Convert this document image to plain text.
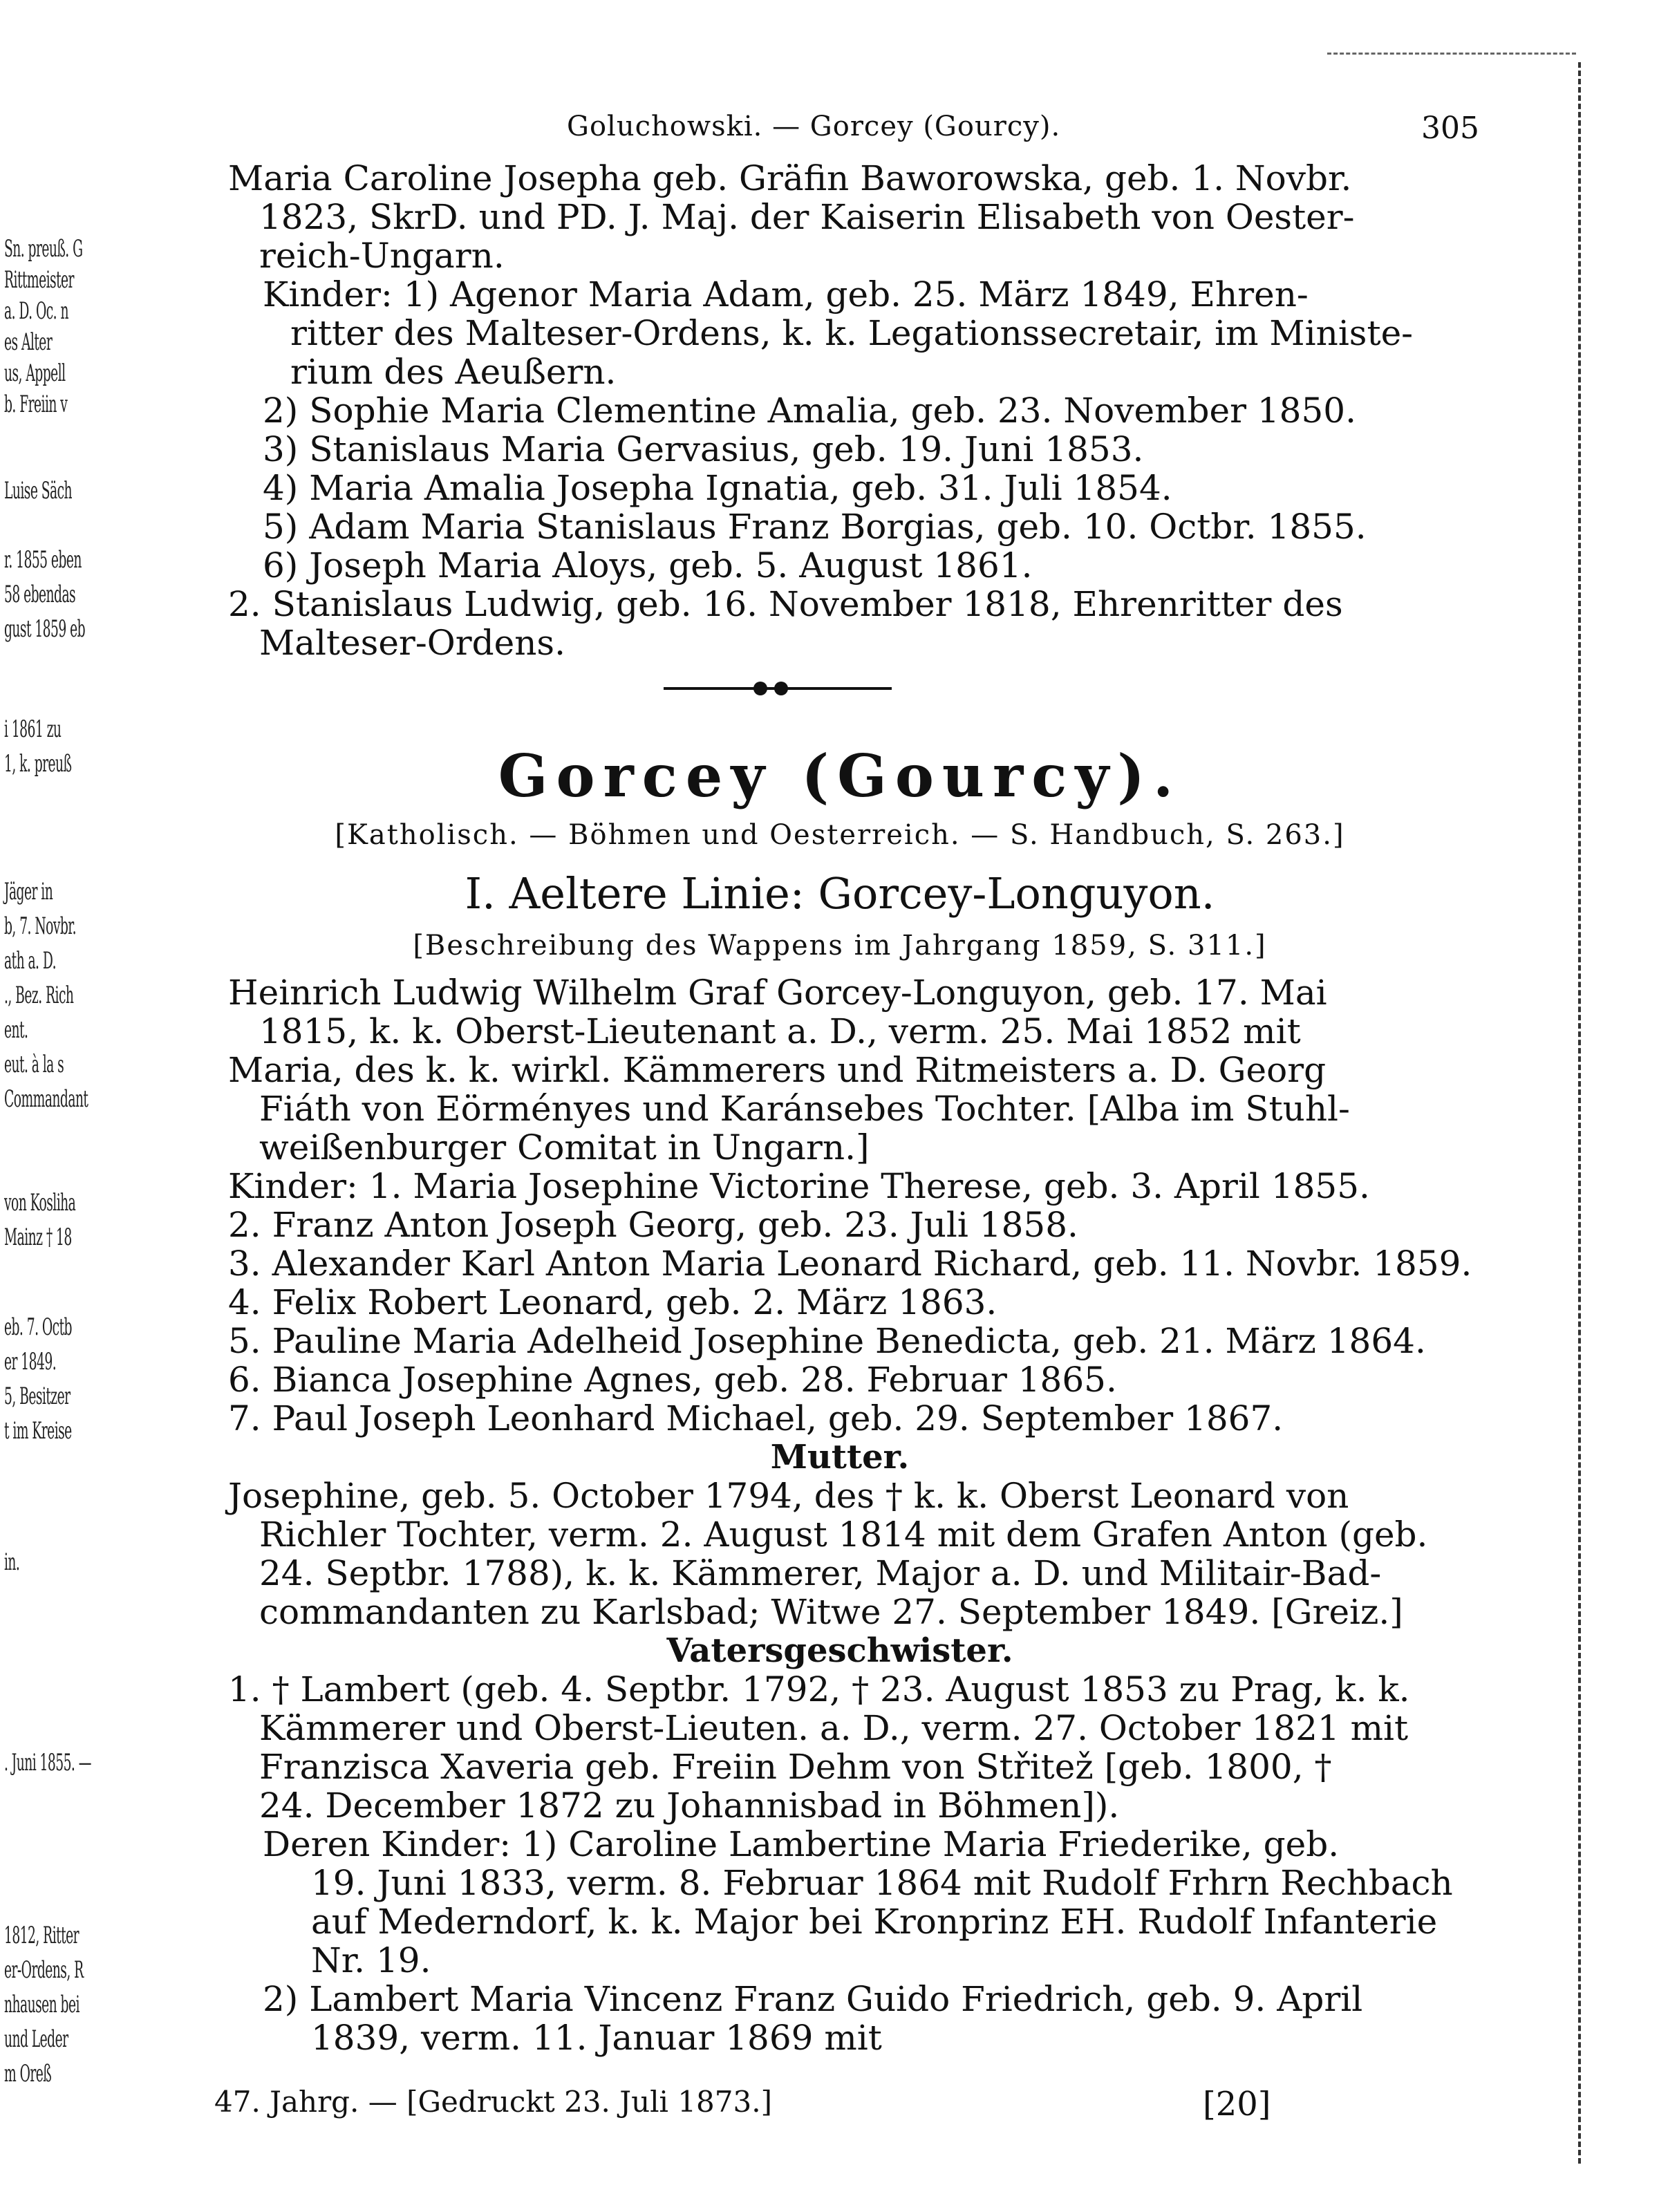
Sn. preuß. G
Rittmeister
a. D. Oc. n
es Alter
us, Appell
b. Freiin v
Luise Säch
r. 1855 eben
58 ebendas
gust 1859 eb
i 1861 zu
1, k. preuß
Jäger in
b, 7. Novbr.
ath a. D.
., Bez. Rich
ent.
eut. à la s
Commandant
von Kosliha
Mainz † 18
eb. 7. Octb
er 1849.
5, Besitzer
t im Kreise
in.
. Juni 1855. —
1812, Ritter
er-Ordens, R
nhausen bei
und Leder
m Oreß
Goluchowski. — Gorcey (Gourcy).	305
Maria Caroline Josepha geb. Gräfin Baworowska, geb. 1. Novbr.
1823, SkrD. und PD. J. Maj. der Kaiserin Elisabeth von Oester-
reich-Ungarn.
Kinder: 1) Agenor Maria Adam, geb. 25. März 1849, Ehren-
ritter des Malteser-Ordens, k. k. Legationssecretair, im Ministe-
rium des Aeußern.
2) Sophie Maria Clementine Amalia, geb. 23. November 1850.
3) Stanislaus Maria Gervasius, geb. 19. Juni 1853.
4) Maria Amalia Josepha Ignatia, geb. 31. Juli 1854.
5) Adam Maria Stanislaus Franz Borgias, geb. 10. Octbr. 1855.
6) Joseph Maria Aloys, geb. 5. August 1861.
2. Stanislaus Ludwig, geb. 16. November 1818, Ehrenritter des
Malteser-Ordens.
Gorcey (Gourcy).
[Katholisch. — Böhmen und Oesterreich. — S. Handbuch, S. 263.]
I. Aeltere Linie: Gorcey-Longuyon.
[Beschreibung des Wappens im Jahrgang 1859, S. 311.]
Heinrich Ludwig Wilhelm Graf Gorcey-Longuyon, geb. 17. Mai
1815, k. k. Oberst-Lieutenant a. D., verm. 25. Mai 1852 mit
Maria, des k. k. wirkl. Kämmerers und Ritmeisters a. D. Georg
Fiáth von Eörményes und Karánsebes Tochter. [Alba im Stuhl-
weißenburger Comitat in Ungarn.]
Kinder: 1. Maria Josephine Victorine Therese, geb. 3. April 1855.
2. Franz Anton Joseph Georg, geb. 23. Juli 1858.
3. Alexander Karl Anton Maria Leonard Richard, geb. 11. Novbr. 1859.
4. Felix Robert Leonard, geb. 2. März 1863.
5. Pauline Maria Adelheid Josephine Benedicta, geb. 21. März 1864.
6. Bianca Josephine Agnes, geb. 28. Februar 1865.
7. Paul Joseph Leonhard Michael, geb. 29. September 1867.
Mutter.
Josephine, geb. 5. October 1794, des † k. k. Oberst Leonard von
Richler Tochter, verm. 2. August 1814 mit dem Grafen Anton (geb.
24. Septbr. 1788), k. k. Kämmerer, Major a. D. und Militair-Bad-
commandanten zu Karlsbad; Witwe 27. September 1849. [Greiz.]
Vatersgeschwister.
1. † Lambert (geb. 4. Septbr. 1792, † 23. August 1853 zu Prag, k. k.
Kämmerer und Oberst-Lieuten. a. D., verm. 27. October 1821 mit
Franzisca Xaveria geb. Freiin Dehm von Střitež [geb. 1800, †
24. December 1872 zu Johannisbad in Böhmen]).
Deren Kinder: 1) Caroline Lambertine Maria Friederike, geb.
19. Juni 1833, verm. 8. Februar 1864 mit Rudolf Frhrn Rechbach
auf Mederndorf, k. k. Major bei Kronprinz EH. Rudolf Infanterie
Nr. 19.
2) Lambert Maria Vincenz Franz Guido Friedrich, geb. 9. April
1839, verm. 11. Januar 1869 mit
47. Jahrg. — [Gedruckt 23. Juli 1873.]	[20]
